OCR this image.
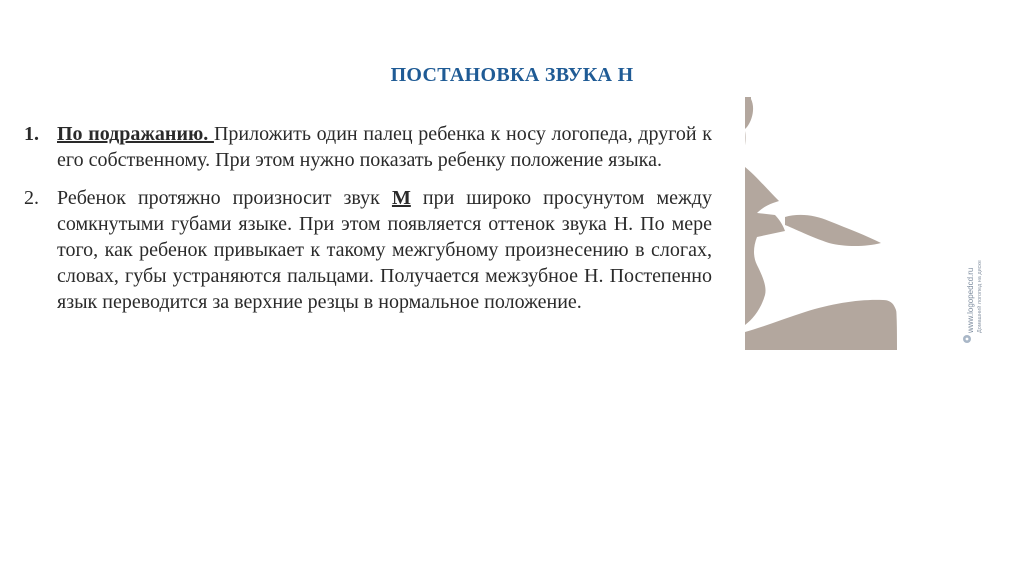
ПОСТАНОВКА ЗВУКА Н
1. По подражанию. Приложить один палец ребенка к носу логопеда, другой к его собственному. При этом нужно показать ребенку положение языка.
2. Ребенок протяжно произносит звук М при широко просунутом между сомкнутыми губами языке. При этом появляется оттенок звука Н. По мере того, как ребенок привыкает к такому межгубному произнесению в слогах, словах, губы устраняются пальцами. Получается межзубное Н. Постепенно язык переводится за верхние резцы в нормальное положение.	www.logopedcd.ru Домашний логопед на диске
